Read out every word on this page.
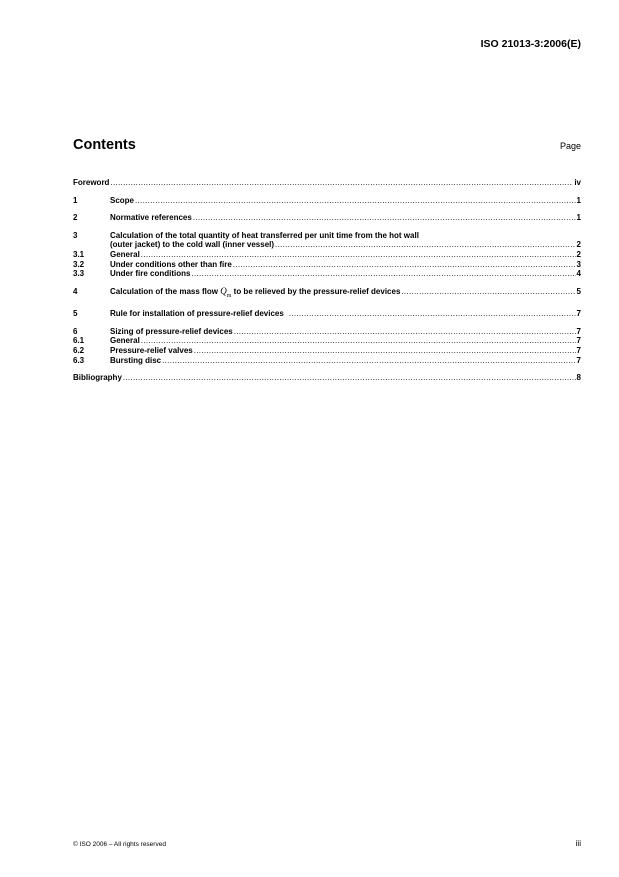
ISO 21013-3:2006(E)
Contents	Page
Foreword .....	iv
1	Scope .....	1
2	Normative references .....	1
3	Calculation of the total quantity of heat transferred per unit time from the hot wall
(outer jacket) to the cold wall (inner vessel) .....	2
3.1	General .....	2
3.2	Under conditions other than fire .....	3
3.3	Under fire conditions .....	4
4	Calculation of the mass flow $Q_m$ to be relieved by the pressure-relief devices .....	5
5	Rule for installation of pressure-relief devices .....	7
6	Sizing of pressure-relief devices .....	7
6.1	General .....	7
6.2	Pressure-relief valves .....	7
6.3	Bursting disc .....	7
Bibliography .....	8
© ISO 2006 – All rights reserved	iii
